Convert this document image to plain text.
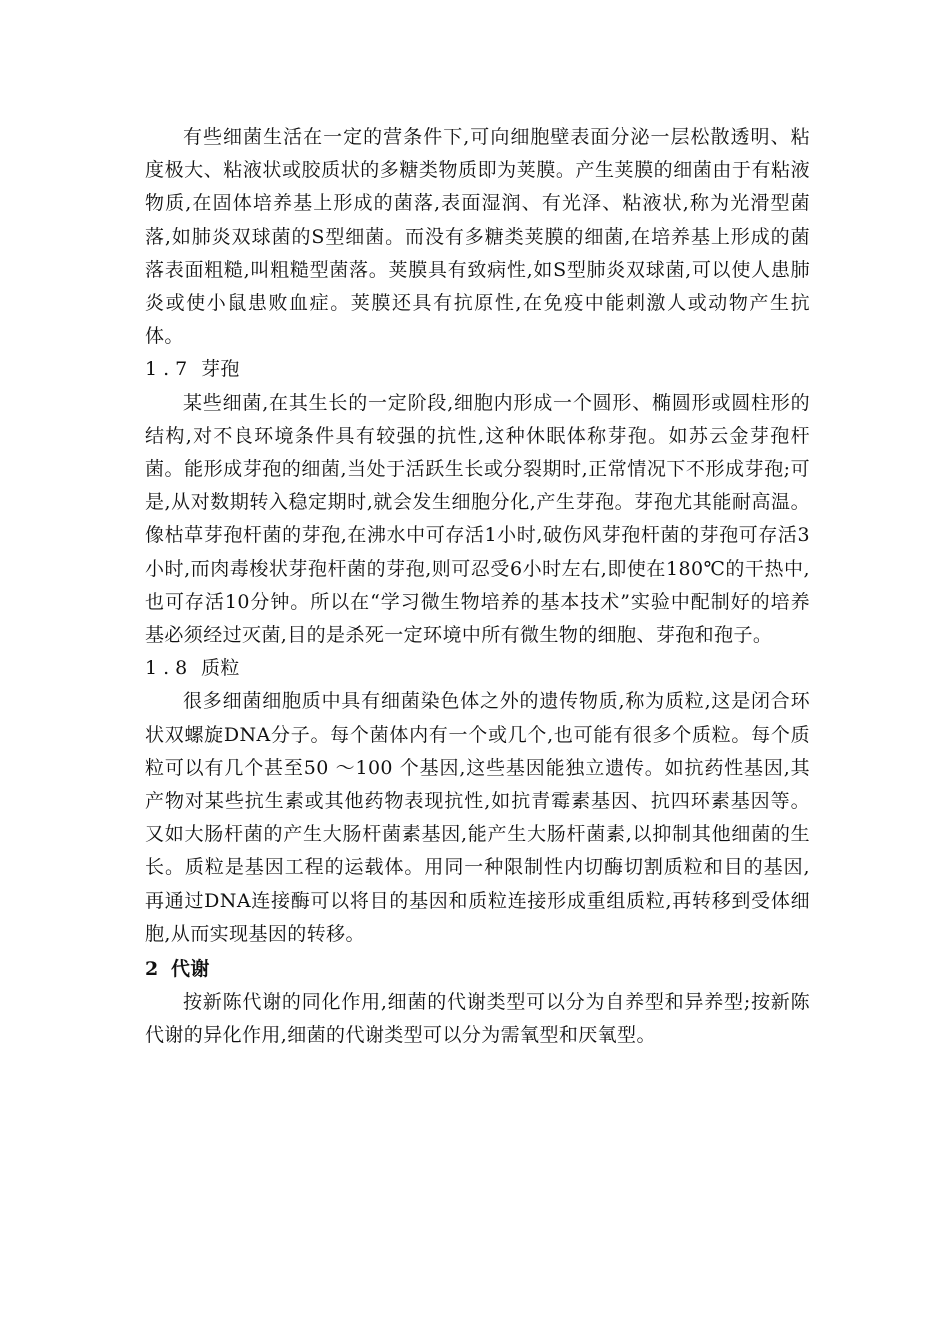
有些细菌生活在一定的营条件下,可向细胞壁表面分泌一层松散透明、粘度极大、粘液状或胶质状的多糖类物质即为荚膜。产生荚膜的细菌由于有粘液物质,在固体培养基上形成的菌落,表面湿润、有光泽、粘液状,称为光滑型菌落,如肺炎双球菌的S型细菌。而没有多糖类荚膜的细菌,在培养基上形成的菌落表面粗糙,叫粗糙型菌落。荚膜具有致病性,如S型肺炎双球菌,可以使人患肺炎或使小鼠患败血症。荚膜还具有抗原性,在免疫中能刺激人或动物产生抗体。

1.7 芽孢

某些细菌,在其生长的一定阶段,细胞内形成一个圆形、椭圆形或圆柱形的结构,对不良环境条件具有较强的抗性,这种休眠体称芽孢。如苏云金芽孢杆菌。能形成芽孢的细菌,当处于活跃生长或分裂期时,正常情况下不形成芽孢;可是,从对数期转入稳定期时,就会发生细胞分化,产生芽孢。芽孢尤其能耐高温。像枯草芽孢杆菌的芽孢,在沸水中可存活1小时,破伤风芽孢杆菌的芽孢可存活3小时,而肉毒梭状芽孢杆菌的芽孢,则可忍受6小时左右,即使在180℃的干热中,也可存活10分钟。所以在“学习微生物培养的基本技术”实验中配制好的培养基必须经过灭菌,目的是杀死一定环境中所有微生物的细胞、芽孢和孢子。

1.8 质粒

很多细菌细胞质中具有细菌染色体之外的遗传物质,称为质粒,这是闭合环状双螺旋DNA分子。每个菌体内有一个或几个,也可能有很多个质粒。每个质粒可以有几个甚至50 ～100 个基因,这些基因能独立遗传。如抗药性基因,其产物对某些抗生素或其他药物表现抗性,如抗青霉素基因、抗四环素基因等。又如大肠杆菌的产生大肠杆菌素基因,能产生大肠杆菌素,以抑制其他细菌的生长。质粒是基因工程的运载体。用同一种限制性内切酶切割质粒和目的基因,再通过DNA连接酶可以将目的基因和质粒连接形成重组质粒,再转移到受体细胞,从而实现基因的转移。

2 代谢

按新陈代谢的同化作用,细菌的代谢类型可以分为自养型和异养型;按新陈代谢的异化作用,细菌的代谢类型可以分为需氧型和厌氧型。
